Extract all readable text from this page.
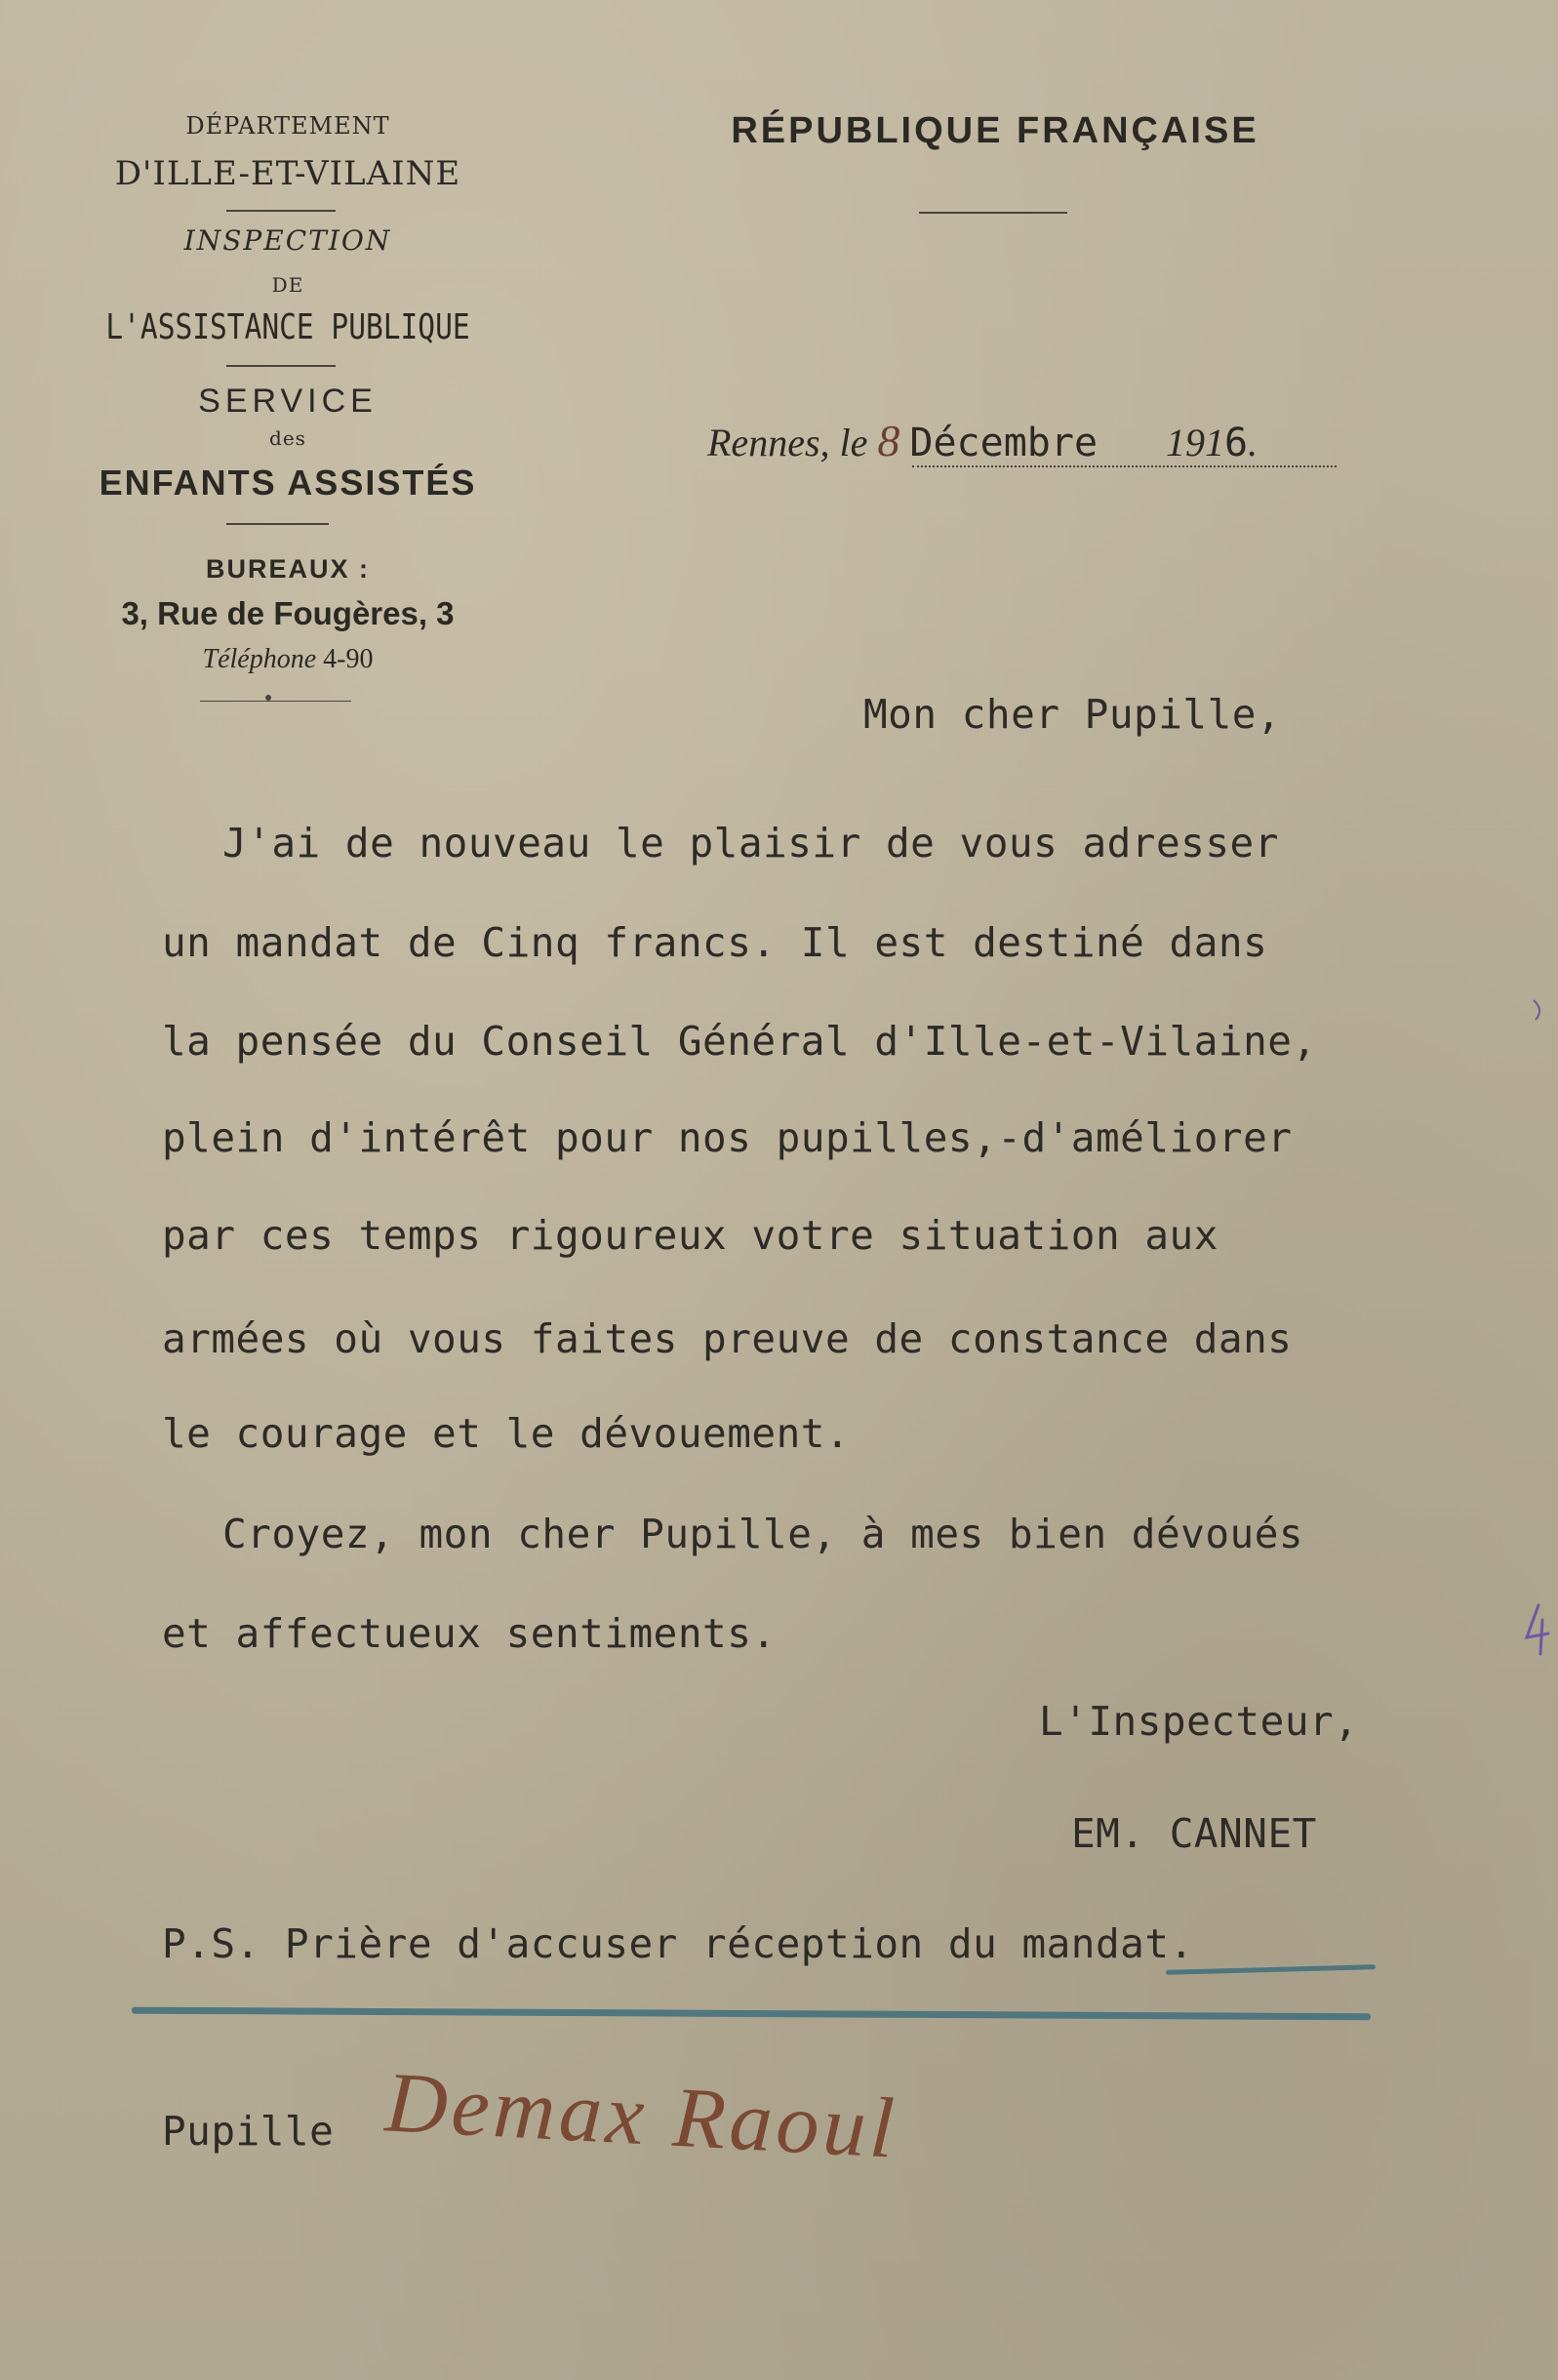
DÉPARTEMENT
D'ILLE-ET-VILAINE
INSPECTION
DE
L'ASSISTANCE PUBLIQUE
SERVICE
des
ENFANTS ASSISTÉS
BUREAUX :
3, Rue de Fougères, 3
Téléphone 4-90
RÉPUBLIQUE FRANÇAISE
Rennes, le 8 Décembre 1916.
Mon cher Pupille,
J'ai de nouveau le plaisir de vous adresser
un mandat de Cinq francs. Il est destiné dans
la pensée du Conseil Général d'Ille-et-Vilaine,
plein d'intérêt pour nos pupilles,-d'améliorer
par ces temps rigoureux votre situation aux
armées où vous faites preuve de constance dans
le courage et le dévouement.
Croyez, mon cher Pupille, à mes bien dévoués
et affectueux sentiments.
L'Inspecteur,
EM. CANNET
P.S. Prière d'accuser réception du mandat.
Pupille Demax Raoul
